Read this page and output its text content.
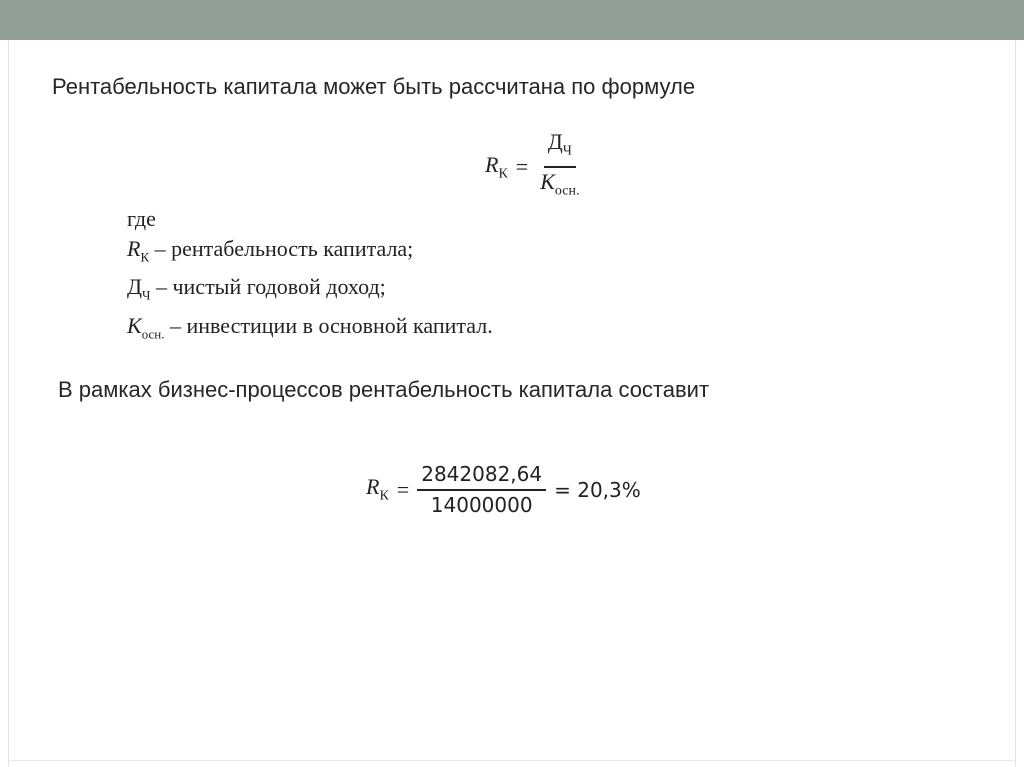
Рентабельность капитала может быть рассчитана по формуле
$R_К = \frac{Д_Ч}{K_{осн.}}$
где
$R_К$ – рентабельность капитала;
$Д_Ч$ – чистый годовой доход;
$K_{осн.}$ – инвестиции в основной капитал.
В рамках бизнес-процессов рентабельность капитала составит
$R_К = \frac{2842082,64}{14000000} = 20,3\%$
